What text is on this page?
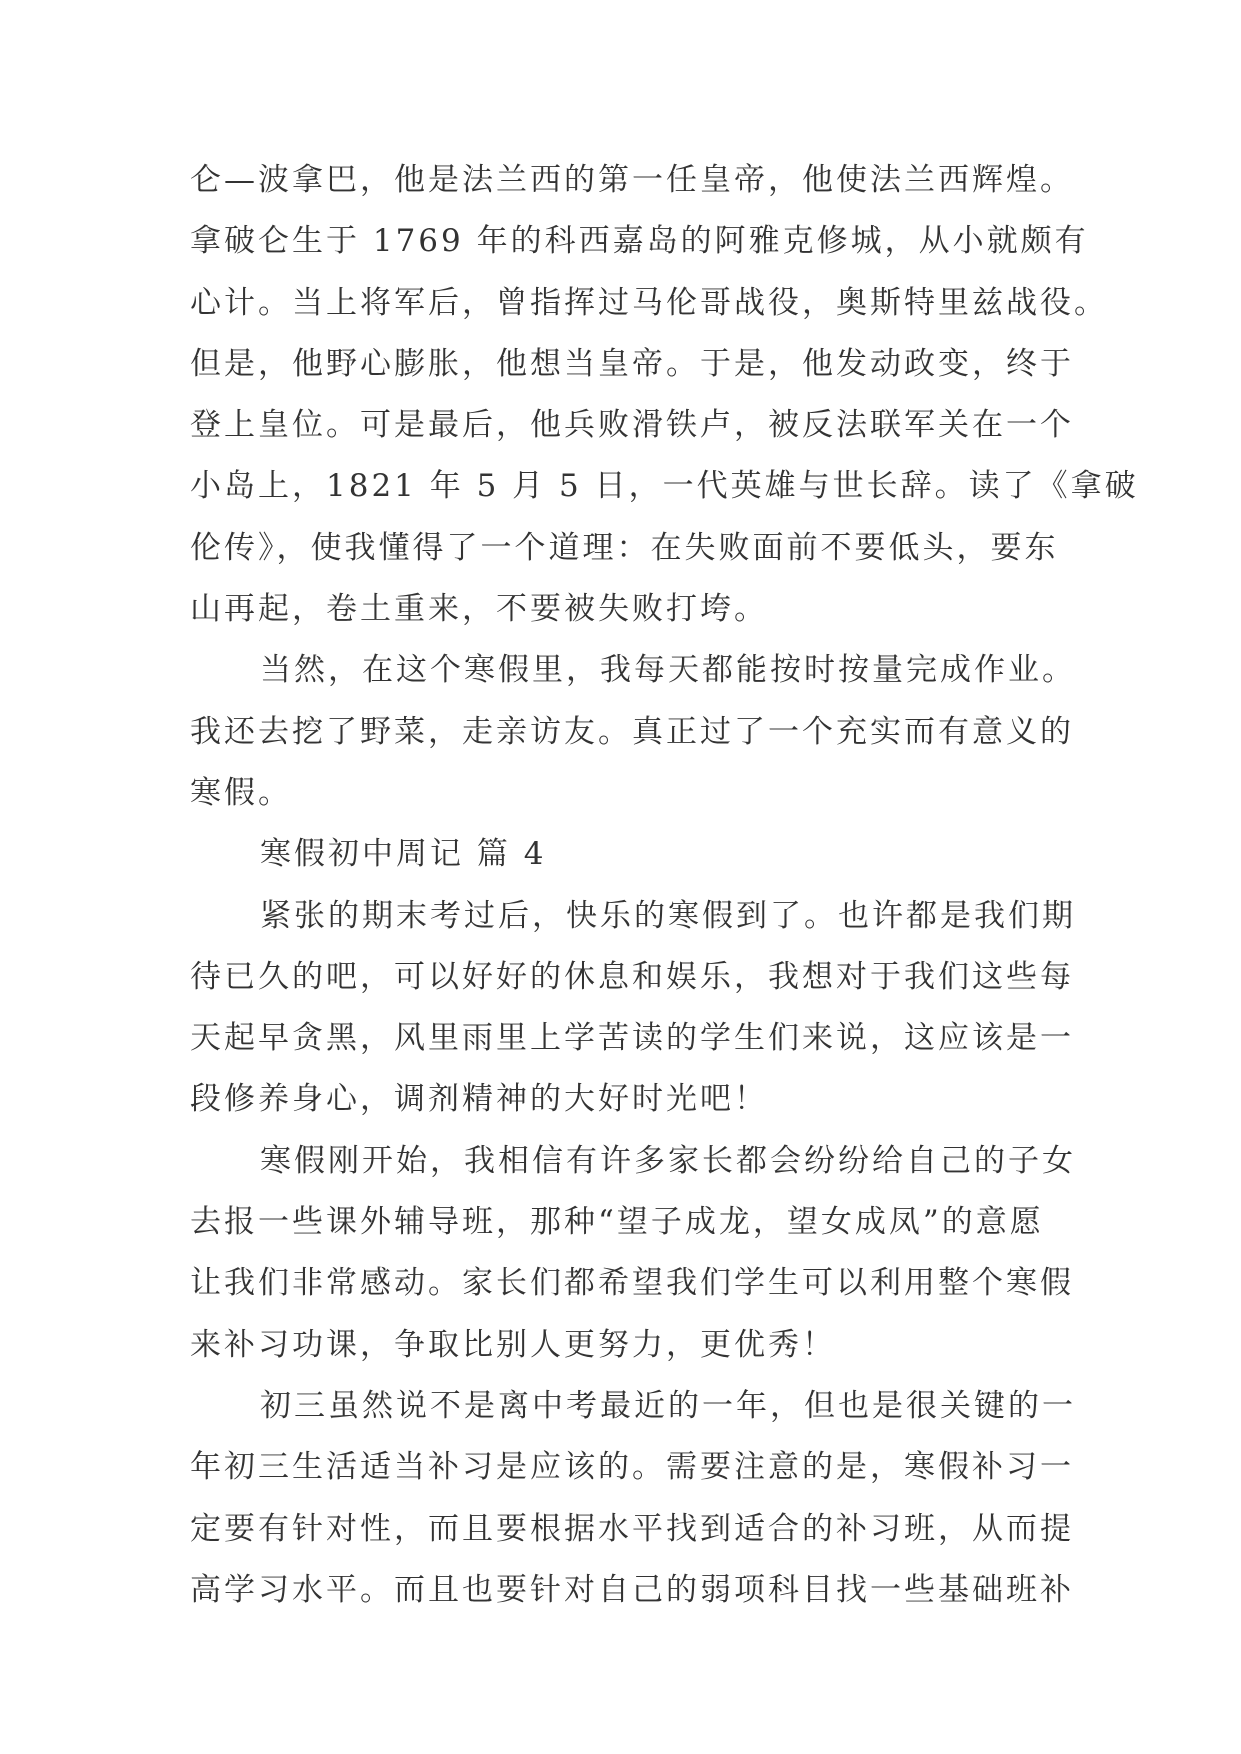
仑—波拿巴，他是法兰西的第一任皇帝，他使法兰西辉煌。
拿破仑生于 1769 年的科西嘉岛的阿雅克修城，从小就颇有
心计。当上将军后，曾指挥过马伦哥战役，奥斯特里兹战役。
但是，他野心膨胀，他想当皇帝。于是，他发动政变，终于
登上皇位。可是最后，他兵败滑铁卢，被反法联军关在一个
小岛上，1821 年 5 月 5 日，一代英雄与世长辞。读了《拿破
伦传》，使我懂得了一个道理：在失败面前不要低头，要东
山再起，卷土重来，不要被失败打垮。
当然，在这个寒假里，我每天都能按时按量完成作业。
我还去挖了野菜，走亲访友。真正过了一个充实而有意义的
寒假。
寒假初中周记 篇 4
紧张的期末考过后，快乐的寒假到了。也许都是我们期
待已久的吧，可以好好的休息和娱乐，我想对于我们这些每
天起早贪黑，风里雨里上学苦读的学生们来说，这应该是一
段修养身心，调剂精神的大好时光吧！
寒假刚开始，我相信有许多家长都会纷纷给自己的子女
去报一些课外辅导班，那种“望子成龙，望女成凤”的意愿
让我们非常感动。家长们都希望我们学生可以利用整个寒假
来补习功课，争取比别人更努力，更优秀！
初三虽然说不是离中考最近的一年，但也是很关键的一
年初三生活适当补习是应该的。需要注意的是，寒假补习一
定要有针对性，而且要根据水平找到适合的补习班，从而提
高学习水平。而且也要针对自己的弱项科目找一些基础班补
